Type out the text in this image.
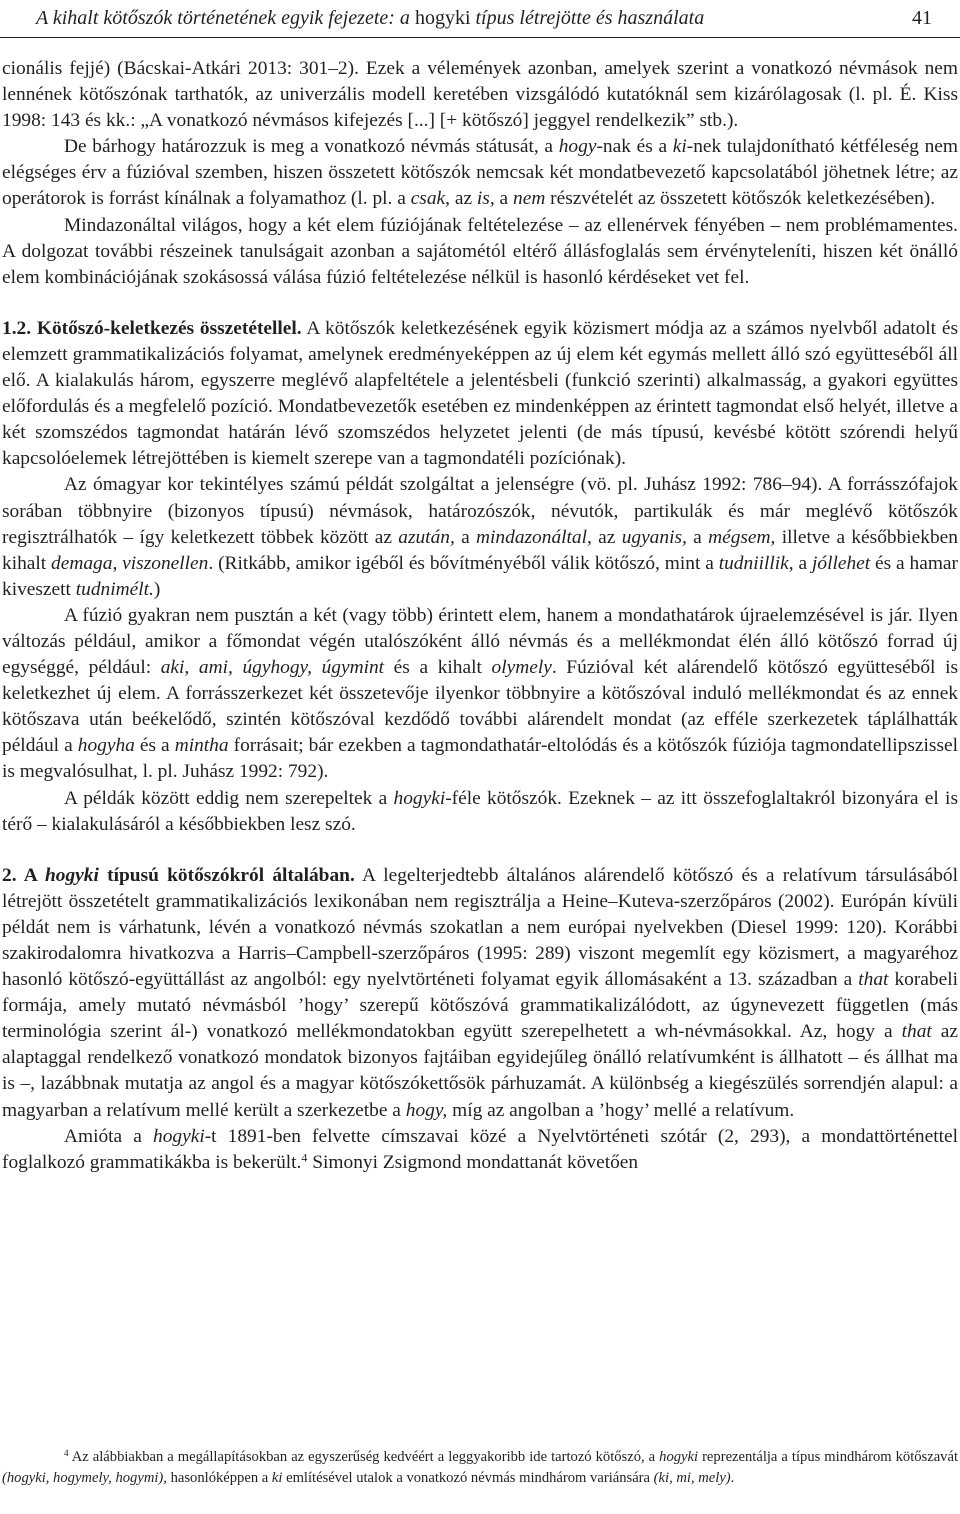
A kihalt kötőszók történetének egyik fejezete: a hogyki típus létrejötte és használata	41

cionális fejjé) (Bácskai-Atkári 2013: 301–2). Ezek a vélemények azonban, amelyek szerint a vonatkozó névmások nem lennének kötőszónak tarthatók, az univerzális modell keretében vizsgálódó kutatóknál sem kizárólagosak (l. pl. É. Kiss 1998: 143 és kk.: „A vonatkozó névmásos kifejezés [...] [+ kötőszó] jeggyel rendelkezik” stb.).

De bárhogy határozzuk is meg a vonatkozó névmás státusát, a hogy-nak és a ki-nek tulajdonítható kétféleség nem elégséges érv a fúzióval szemben, hiszen összetett kötőszók nemcsak két mondatbevezető kapcsolatából jöhetnek létre; az operátorok is forrást kínálnak a folyamathoz (l. pl. a csak, az is, a nem részvételét az összetett kötőszók keletkezésében).

Mindazonáltal világos, hogy a két elem fúziójának feltételezése – az ellenérvek fényében – nem problémamentes. A dolgozat további részeinek tanulságait azonban a sajátométól eltérő állásfoglalás sem érvényteleníti, hiszen két önálló elem kombinációjának szokásossá válása fúzió feltételezése nélkül is hasonló kérdéseket vet fel.

1.2. Kötőszó-keletkezés összetétellel. A kötőszók keletkezésének egyik közismert módja az a számos nyelvből adatolt és elemzett grammatikalizációs folyamat, amelynek eredményeképpen az új elem két egymás mellett álló szó együtteséből áll elő. A kialakulás három, egyszerre meglévő alapfeltétele a jelentésbeli (funkció szerinti) alkalmasság, a gyakori együttes előfordulás és a megfelelő pozíció. Mondatbevezetők esetében ez mindenképpen az érintett tagmondat első helyét, illetve a két szomszédos tagmondat határán lévő szomszédos helyzetet jelenti (de más típusú, kevésbé kötött szórendi helyű kapcsolóelemek létrejöttében is kiemelt szerepe van a tagmondatéli pozíciónak).

Az ómagyar kor tekintélyes számú példát szolgáltat a jelenségre (vö. pl. Juhász 1992: 786–94). A forrásszófajok sorában többnyire (bizonyos típusú) névmások, határozószók, névutók, partikulák és már meglévő kötőszók regisztrálhatók – így keletkezett többek között az azután, a mindazonáltal, az ugyanis, a mégsem, illetve a későbbiekben kihalt demaga, viszonellen. (Ritkább, amikor igéből és bővítményéből válik kötőszó, mint a tudniillik, a jóllehet és a hamar kiveszett tudnimélt.)

A fúzió gyakran nem pusztán a két (vagy több) érintett elem, hanem a mondathatárok újraelemzésével is jár. Ilyen változás például, amikor a főmondat végén utalószóként álló névmás és a mellékmondat élén álló kötőszó forrad új egységgé, például: aki, ami, úgyhogy, úgymint és a kihalt olymely. Fúzióval két alárendelő kötőszó együtteséből is keletkezhet új elem. A forrásszerkezet két összetevője ilyenkor többnyire a kötőszóval induló mellékmondat és az ennek kötőszava után beékelődő, szintén kötőszóval kezdődő további alárendelt mondat (az efféle szerkezetek táplálhatták például a hogyha és a mintha forrásait; bár ezekben a tagmondathatár-eltolódás és a kötőszók fúziója tagmondatellipszissel is megvalósulhat, l. pl. Juhász 1992: 792).

A példák között eddig nem szerepeltek a hogyki-féle kötőszók. Ezeknek – az itt összefoglaltakról bizonyára el is térő – kialakulásáról a későbbiekben lesz szó.

2. A hogyki típusú kötőszókról általában. A legelterjedtebb általános alárendelő kötőszó és a relatívum társulásából létrejött összetételt grammatikalizációs lexikonában nem regisztrálja a Heine–Kuteva-szerzőpáros (2002). Európán kívüli példát nem is várhatunk, lévén a vonatkozó névmás szokatlan a nem európai nyelvekben (Diesel 1999: 120). Korábbi szakirodalomra hivatkozva a Harris–Campbell-szerzőpáros (1995: 289) viszont megemlít egy közismert, a magyaréhoz hasonló kötőszó-együttállást az angolból: egy nyelvtörténeti folyamat egyik állomásaként a 13. században a that korabeli formája, amely mutató névmásból ’hogy’ szerepű kötőszóvá grammatikalizálódott, az úgynevezett független (más terminológia szerint ál-) vonatkozó mellékmondatokban együtt szerepelhetett a wh-névmásokkal. Az, hogy a that az alaptaggal rendelkező vonatkozó mondatok bizonyos fajtáiban egyidejűleg önálló relatívumként is állhatott – és állhat ma is –, lazábbnak mutatja az angol és a magyar kötőszókettősök párhuzamát. A különbség a kiegészülés sorrendjén alapul: a magyarban a relatívum mellé került a szerkezetbe a hogy, míg az angolban a ’hogy’ mellé a relatívum.

Amióta a hogyki-t 1891-ben felvette címszavai közé a Nyelvtörténeti szótár (2, 293), a mondattörténettel foglalkozó grammatikákba is bekerült.$^4$ Simonyi Zsigmond mondattanát követően

$^4$ Az alábbiakban a megállapításokban az egyszerűség kedvéért a leggyakoribb ide tartozó kötőszó, a hogyki reprezentálja a típus mindhárom kötőszavát (hogyki, hogymely, hogymi), hasonlóképpen a ki említésével utalok a vonatkozó névmás mindhárom variánsára (ki, mi, mely).
